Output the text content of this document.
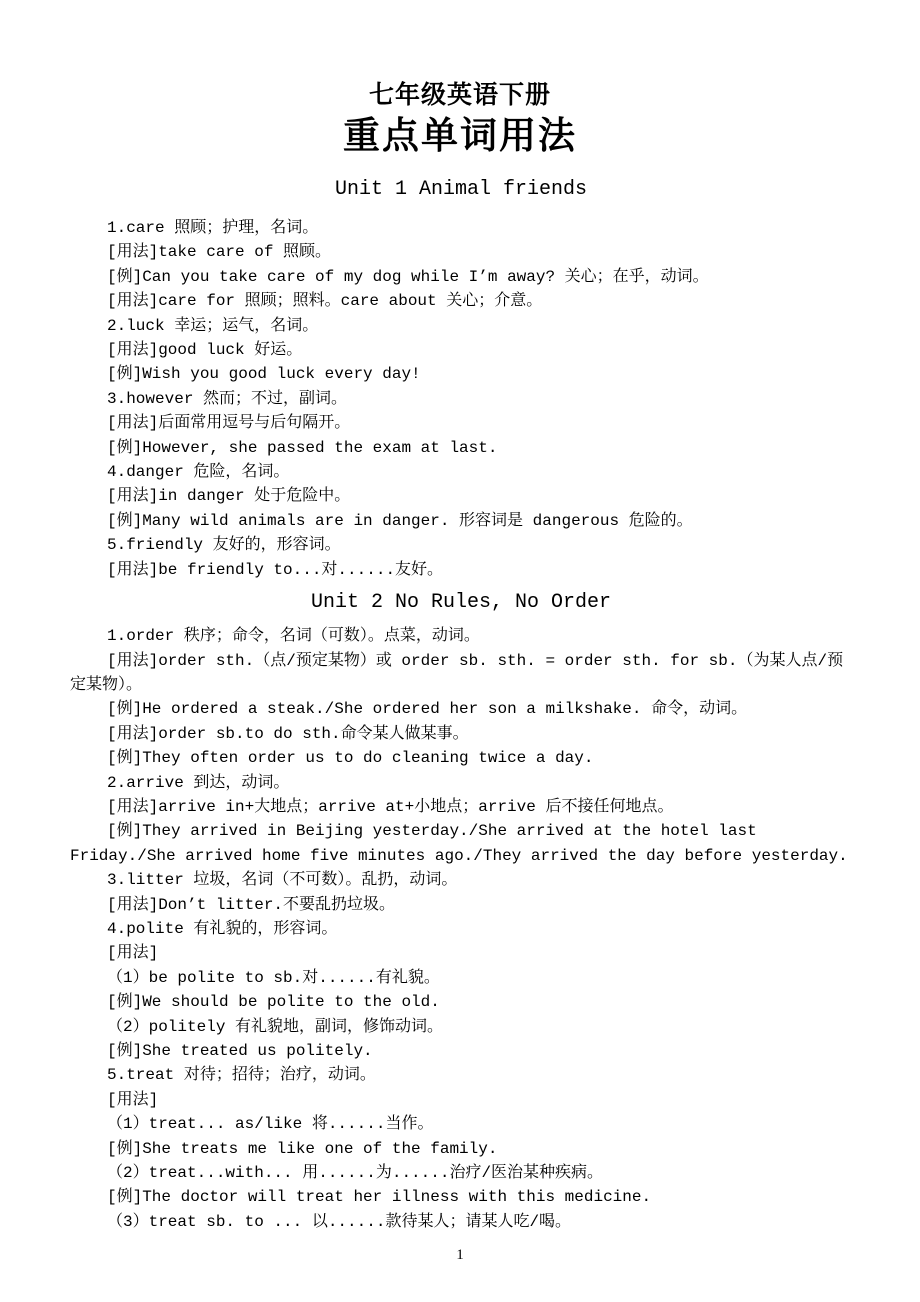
七年级英语下册
重点单词用法
Unit 1 Animal friends

1.care 照顾；护理，名词。

[用法]take care of 照顾。

[例]Can you take care of my dog while I’m away? 关心；在乎，动词。

[用法]care for 照顾；照料。care about 关心；介意。

2.luck 幸运；运气，名词。

[用法]good luck 好运。

[例]Wish you good luck every day!

3.however 然而；不过，副词。

[用法]后面常用逗号与后句隔开。

[例]However, she passed the exam at last.

4.danger 危险，名词。

[用法]in danger 处于危险中。

[例]Many wild animals are in danger. 形容词是 dangerous 危险的。

5.friendly 友好的，形容词。

[用法]be friendly to...对......友好。

Unit 2 No Rules, No Order

1.order 秩序；命令，名词（可数）。点菜，动词。

[用法]order sth.（点/预定某物）或 order sb. sth. = order sth. for sb.（为某人点/预定某物）。

[例]He ordered a steak./She ordered her son a milkshake. 命令，动词。

[用法]order sb.to do sth.命令某人做某事。

[例]They often order us to do cleaning twice a day.

2.arrive 到达，动词。

[用法]arrive in+大地点；arrive at+小地点；arrive 后不接任何地点。

[例]They arrived in Beijing yesterday./She arrived at the hotel last Friday./She arrived home five minutes ago./They arrived the day before yesterday.

3.litter 垃圾，名词（不可数）。乱扔，动词。

[用法]Don’t litter.不要乱扔垃圾。

4.polite 有礼貌的，形容词。

[用法]

（1）be polite to sb.对......有礼貌。

[例]We should be polite to the old.

（2）politely 有礼貌地，副词，修饰动词。

[例]She treated us politely.

5.treat 对待；招待；治疗，动词。

[用法]

（1）treat... as/like 将......当作。

[例]She treats me like one of the family.

（2）treat...with... 用......为......治疗/医治某种疾病。

[例]The doctor will treat her illness with this medicine.

（3）treat sb. to ... 以......款待某人；请某人吃/喝。

1
